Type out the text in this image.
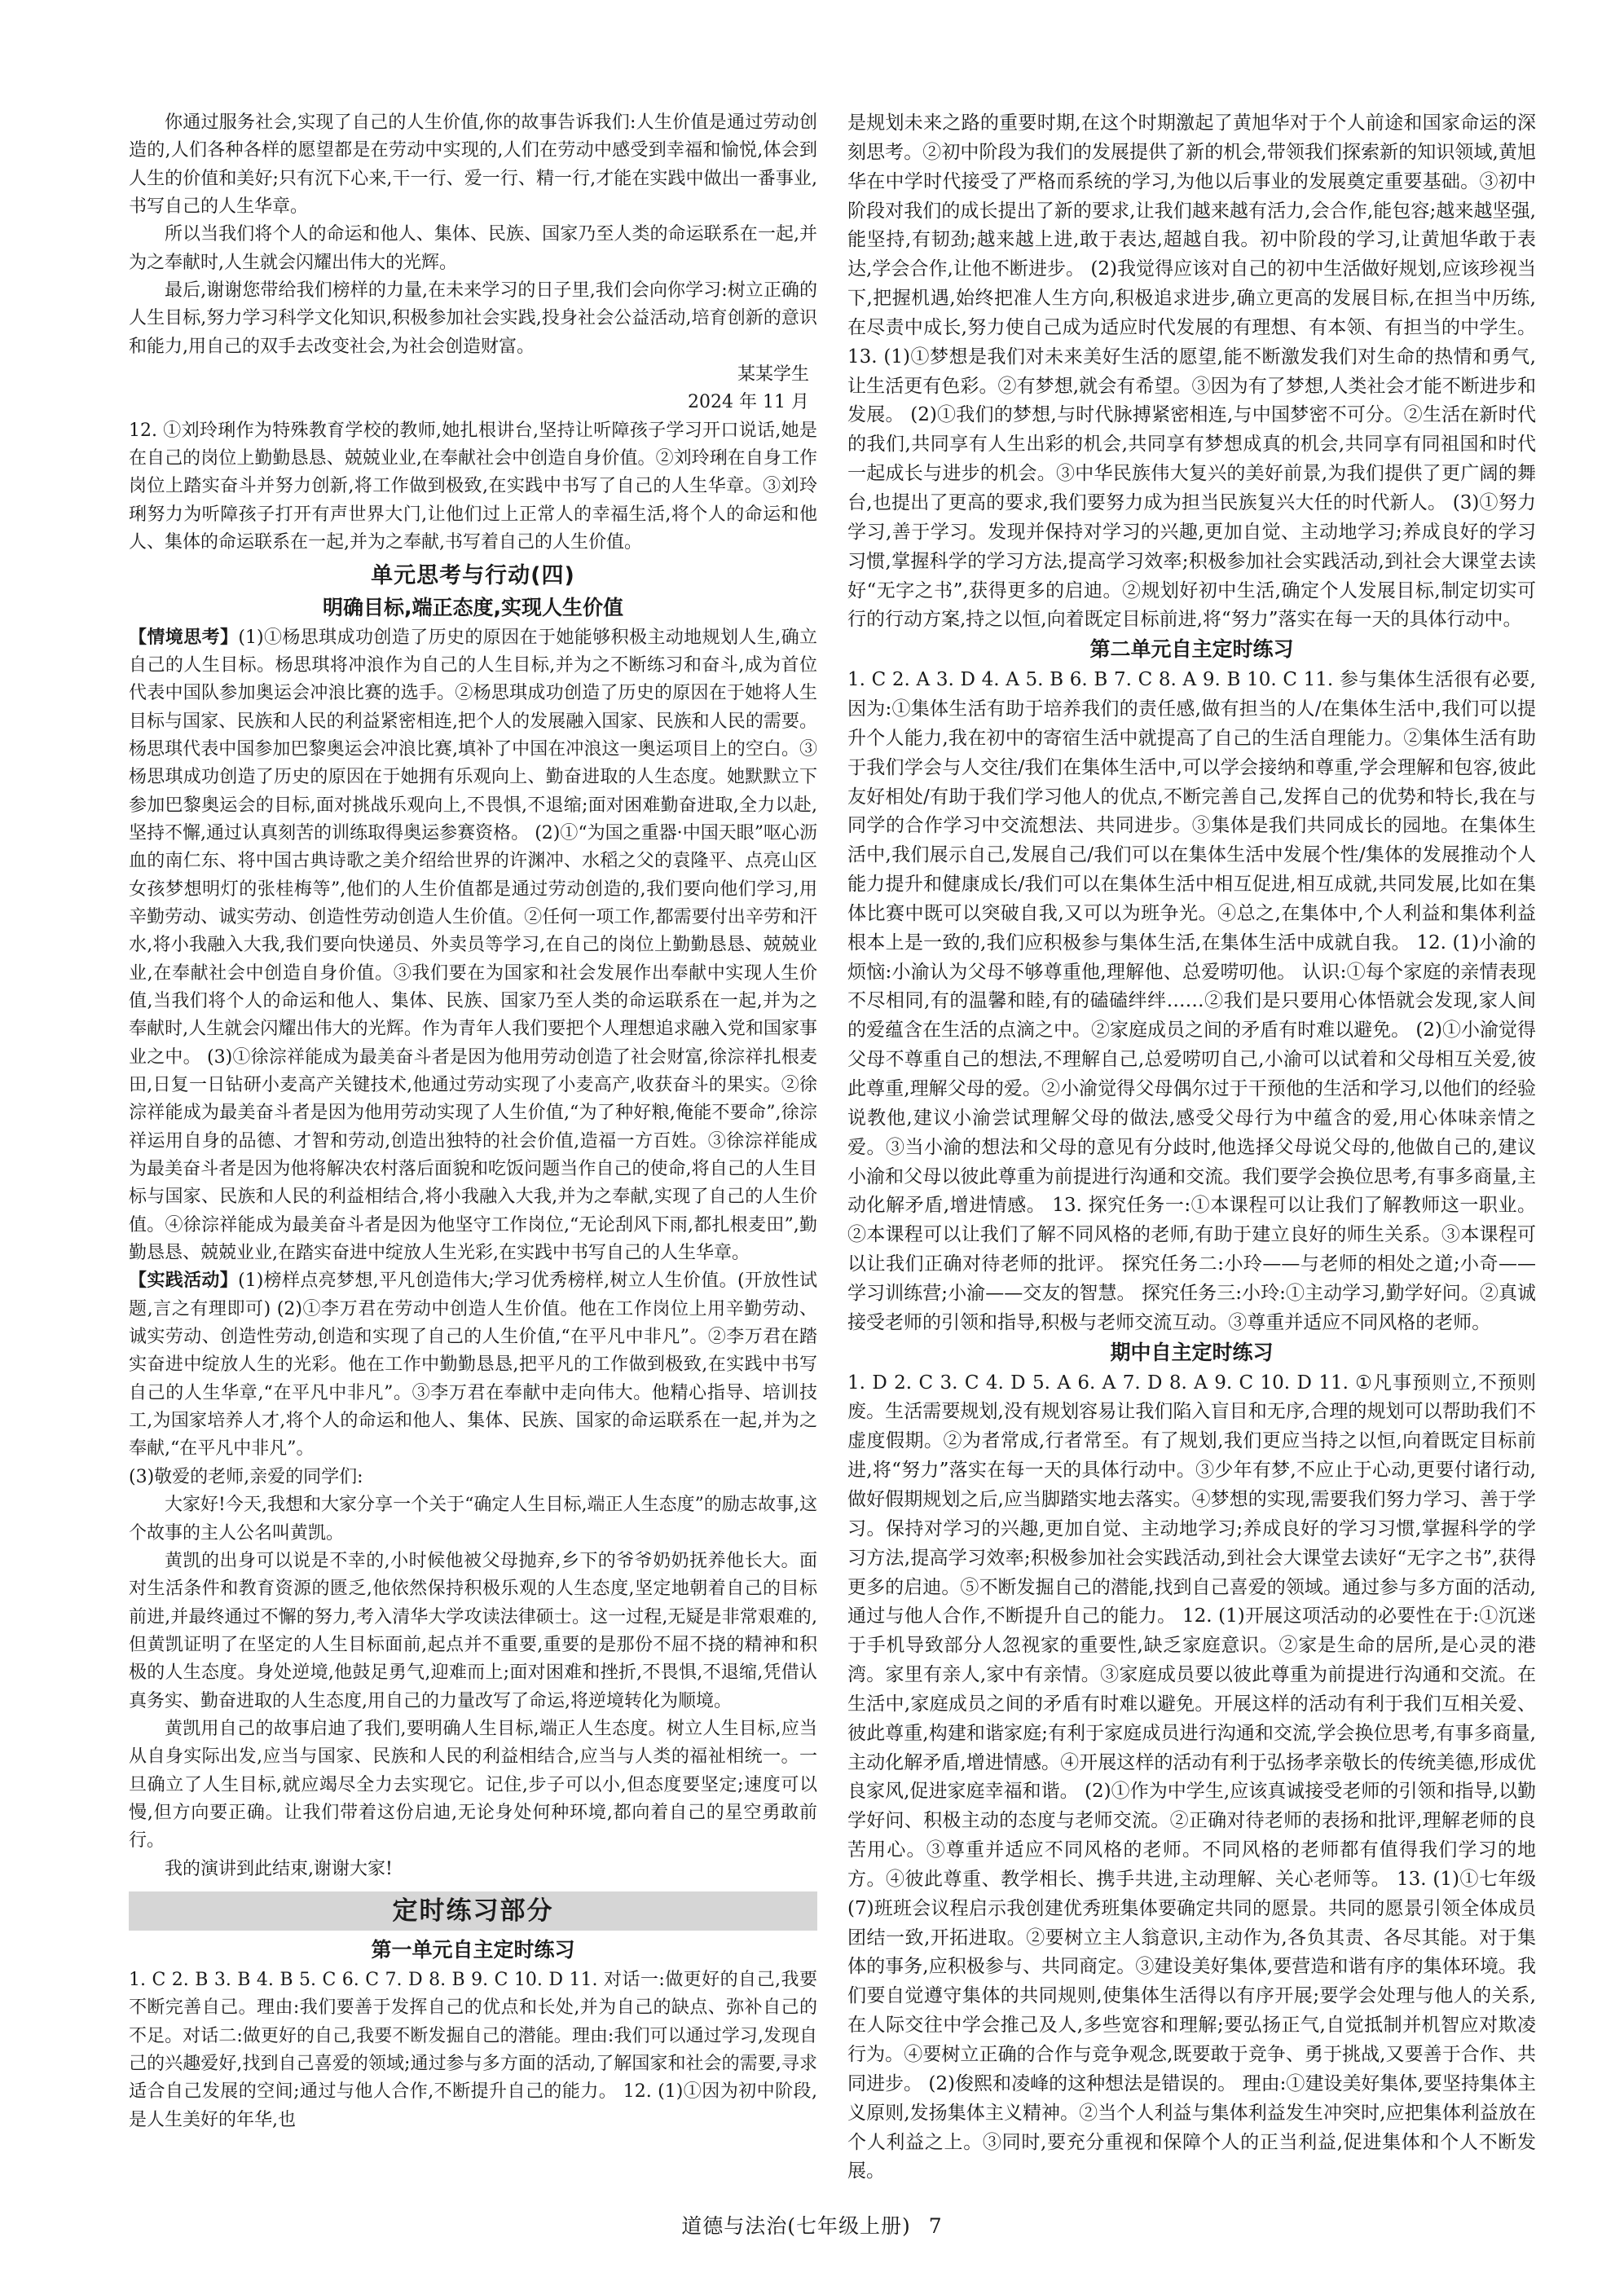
你通过服务社会,实现了自己的人生价值,你的故事告诉我们:人生价值是通过劳动创造的,人们各种各样的愿望都是在劳动中实现的,人们在劳动中感受到幸福和愉悦,体会到人生的价值和美好;只有沉下心来,干一行、爱一行、精一行,才能在实践中做出一番事业,书写自己的人生华章。

所以当我们将个人的命运和他人、集体、民族、国家乃至人类的命运联系在一起,并为之奉献时,人生就会闪耀出伟大的光辉。

最后,谢谢您带给我们榜样的力量,在未来学习的日子里,我们会向你学习:树立正确的人生目标,努力学习科学文化知识,积极参加社会实践,投身社会公益活动,培育创新的意识和能力,用自己的双手去改变社会,为社会创造财富。

某某学生

2024 年 11 月

12. ①刘玲琍作为特殊教育学校的教师,她扎根讲台,坚持让听障孩子学习开口说话,她是在自己的岗位上勤勤恳恳、兢兢业业,在奉献社会中创造自身价值。②刘玲琍在自身工作岗位上踏实奋斗并努力创新,将工作做到极致,在实践中书写了自己的人生华章。③刘玲琍努力为听障孩子打开有声世界大门,让他们过上正常人的幸福生活,将个人的命运和他人、集体的命运联系在一起,并为之奉献,书写着自己的人生价值。

单元思考与行动(四)
明确目标,端正态度,实现人生价值

【情境思考】(1)①杨思琪成功创造了历史的原因在于她能够积极主动地规划人生,确立自己的人生目标。杨思琪将冲浪作为自己的人生目标,并为之不断练习和奋斗,成为首位代表中国队参加奥运会冲浪比赛的选手。②杨思琪成功创造了历史的原因在于她将人生目标与国家、民族和人民的利益紧密相连,把个人的发展融入国家、民族和人民的需要。杨思琪代表中国参加巴黎奥运会冲浪比赛,填补了中国在冲浪这一奥运项目上的空白。③杨思琪成功创造了历史的原因在于她拥有乐观向上、勤奋进取的人生态度。她默默立下参加巴黎奥运会的目标,面对挑战乐观向上,不畏惧,不退缩;面对困难勤奋进取,全力以赴,坚持不懈,通过认真刻苦的训练取得奥运参赛资格。 (2)①“为国之重器·中国天眼”呕心沥血的南仁东、将中国古典诗歌之美介绍给世界的许渊冲、水稻之父的袁隆平、点亮山区女孩梦想明灯的张桂梅等”,他们的人生价值都是通过劳动创造的,我们要向他们学习,用辛勤劳动、诚实劳动、创造性劳动创造人生价值。②任何一项工作,都需要付出辛劳和汗水,将小我融入大我,我们要向快递员、外卖员等学习,在自己的岗位上勤勤恳恳、兢兢业业,在奉献社会中创造自身价值。③我们要在为国家和社会发展作出奉献中实现人生价值,当我们将个人的命运和他人、集体、民族、国家乃至人类的命运联系在一起,并为之奉献时,人生就会闪耀出伟大的光辉。作为青年人我们要把个人理想追求融入党和国家事业之中。 (3)①徐淙祥能成为最美奋斗者是因为他用劳动创造了社会财富,徐淙祥扎根麦田,日复一日钻研小麦高产关键技术,他通过劳动实现了小麦高产,收获奋斗的果实。②徐淙祥能成为最美奋斗者是因为他用劳动实现了人生价值,“为了种好粮,俺能不要命”,徐淙祥运用自身的品德、才智和劳动,创造出独特的社会价值,造福一方百姓。③徐淙祥能成为最美奋斗者是因为他将解决农村落后面貌和吃饭问题当作自己的使命,将自己的人生目标与国家、民族和人民的利益相结合,将小我融入大我,并为之奉献,实现了自己的人生价值。④徐淙祥能成为最美奋斗者是因为他坚守工作岗位,“无论刮风下雨,都扎根麦田”,勤勤恳恳、兢兢业业,在踏实奋进中绽放人生光彩,在实践中书写自己的人生华章。

【实践活动】(1)榜样点亮梦想,平凡创造伟大;学习优秀榜样,树立人生价值。(开放性试题,言之有理即可) (2)①李万君在劳动中创造人生价值。他在工作岗位上用辛勤劳动、诚实劳动、创造性劳动,创造和实现了自己的人生价值,“在平凡中非凡”。②李万君在踏实奋进中绽放人生的光彩。他在工作中勤勤恳恳,把平凡的工作做到极致,在实践中书写自己的人生华章,“在平凡中非凡”。③李万君在奉献中走向伟大。他精心指导、培训技工,为国家培养人才,将个人的命运和他人、集体、民族、国家的命运联系在一起,并为之奉献,“在平凡中非凡”。

(3)敬爱的老师,亲爱的同学们:

大家好!今天,我想和大家分享一个关于“确定人生目标,端正人生态度”的励志故事,这个故事的主人公名叫黄凯。

黄凯的出身可以说是不幸的,小时候他被父母抛弃,乡下的爷爷奶奶抚养他长大。面对生活条件和教育资源的匮乏,他依然保持积极乐观的人生态度,坚定地朝着自己的目标前进,并最终通过不懈的努力,考入清华大学攻读法律硕士。这一过程,无疑是非常艰难的,但黄凯证明了在坚定的人生目标面前,起点并不重要,重要的是那份不屈不挠的精神和积极的人生态度。身处逆境,他鼓足勇气,迎难而上;面对困难和挫折,不畏惧,不退缩,凭借认真务实、勤奋进取的人生态度,用自己的力量改写了命运,将逆境转化为顺境。

黄凯用自己的故事启迪了我们,要明确人生目标,端正人生态度。树立人生目标,应当从自身实际出发,应当与国家、民族和人民的利益相结合,应当与人类的福祉相统一。一旦确立了人生目标,就应竭尽全力去实现它。记住,步子可以小,但态度要坚定;速度可以慢,但方向要正确。让我们带着这份启迪,无论身处何种环境,都向着自己的星空勇敢前行。

我的演讲到此结束,谢谢大家!

定时练习部分
第一单元自主定时练习

1. C 2. B 3. B 4. B 5. C 6. C 7. D 8. B 9. C 10. D 11. 对话一:做更好的自己,我要不断完善自己。理由:我们要善于发挥自己的优点和长处,并为自己的缺点、弥补自己的不足。对话二:做更好的自己,我要不断发掘自己的潜能。理由:我们可以通过学习,发现自己的兴趣爱好,找到自己喜爱的领域;通过参与多方面的活动,了解国家和社会的需要,寻求适合自己发展的空间;通过与他人合作,不断提升自己的能力。 12. (1)①因为初中阶段,是人生美好的年华,也

是规划未来之路的重要时期,在这个时期激起了黄旭华对于个人前途和国家命运的深刻思考。②初中阶段为我们的发展提供了新的机会,带领我们探索新的知识领域,黄旭华在中学时代接受了严格而系统的学习,为他以后事业的发展奠定重要基础。③初中阶段对我们的成长提出了新的要求,让我们越来越有活力,会合作,能包容;越来越坚强,能坚持,有韧劲;越来越上进,敢于表达,超越自我。初中阶段的学习,让黄旭华敢于表达,学会合作,让他不断进步。 (2)我觉得应该对自己的初中生活做好规划,应该珍视当下,把握机遇,始终把准人生方向,积极追求进步,确立更高的发展目标,在担当中历练,在尽责中成长,努力使自己成为适应时代发展的有理想、有本领、有担当的中学生。 13. (1)①梦想是我们对未来美好生活的愿望,能不断激发我们对生命的热情和勇气,让生活更有色彩。②有梦想,就会有希望。③因为有了梦想,人类社会才能不断进步和发展。 (2)①我们的梦想,与时代脉搏紧密相连,与中国梦密不可分。②生活在新时代的我们,共同享有人生出彩的机会,共同享有梦想成真的机会,共同享有同祖国和时代一起成长与进步的机会。③中华民族伟大复兴的美好前景,为我们提供了更广阔的舞台,也提出了更高的要求,我们要努力成为担当民族复兴大任的时代新人。 (3)①努力学习,善于学习。发现并保持对学习的兴趣,更加自觉、主动地学习;养成良好的学习习惯,掌握科学的学习方法,提高学习效率;积极参加社会实践活动,到社会大课堂去读好“无字之书”,获得更多的启迪。②规划好初中生活,确定个人发展目标,制定切实可行的行动方案,持之以恒,向着既定目标前进,将“努力”落实在每一天的具体行动中。

第二单元自主定时练习

1. C 2. A 3. D 4. A 5. B 6. B 7. C 8. A 9. B 10. C 11. 参与集体生活很有必要,因为:①集体生活有助于培养我们的责任感,做有担当的人/在集体生活中,我们可以提升个人能力,我在初中的寄宿生活中就提高了自己的生活自理能力。②集体生活有助于我们学会与人交往/我们在集体生活中,可以学会接纳和尊重,学会理解和包容,彼此友好相处/有助于我们学习他人的优点,不断完善自己,发挥自己的优势和特长,我在与同学的合作学习中交流想法、共同进步。③集体是我们共同成长的园地。在集体生活中,我们展示自己,发展自己/我们可以在集体生活中发展个性/集体的发展推动个人能力提升和健康成长/我们可以在集体生活中相互促进,相互成就,共同发展,比如在集体比赛中既可以突破自我,又可以为班争光。④总之,在集体中,个人利益和集体利益根本上是一致的,我们应积极参与集体生活,在集体生活中成就自我。 12. (1)小渝的烦恼:小渝认为父母不够尊重他,理解他、总爱唠叨他。 认识:①每个家庭的亲情表现不尽相同,有的温馨和睦,有的磕磕绊绊……②我们是只要用心体悟就会发现,家人间的爱蕴含在生活的点滴之中。②家庭成员之间的矛盾有时难以避免。 (2)①小渝觉得父母不尊重自己的想法,不理解自己,总爱唠叨自己,小渝可以试着和父母相互关爱,彼此尊重,理解父母的爱。②小渝觉得父母偶尔过于干预他的生活和学习,以他们的经验说教他,建议小渝尝试理解父母的做法,感受父母行为中蕴含的爱,用心体味亲情之爱。③当小渝的想法和父母的意见有分歧时,他选择父母说父母的,他做自己的,建议小渝和父母以彼此尊重为前提进行沟通和交流。我们要学会换位思考,有事多商量,主动化解矛盾,增进情感。 13. 探究任务一:①本课程可以让我们了解教师这一职业。②本课程可以让我们了解不同风格的老师,有助于建立良好的师生关系。③本课程可以让我们正确对待老师的批评。 探究任务二:小玲——与老师的相处之道;小奇——学习训练营;小渝——交友的智慧。 探究任务三:小玲:①主动学习,勤学好问。②真诚接受老师的引领和指导,积极与老师交流互动。③尊重并适应不同风格的老师。

期中自主定时练习

1. D 2. C 3. C 4. D 5. A 6. A 7. D 8. A 9. C 10. D 11. ①凡事预则立,不预则废。生活需要规划,没有规划容易让我们陷入盲目和无序,合理的规划可以帮助我们不虚度假期。②为者常成,行者常至。有了规划,我们更应当持之以恒,向着既定目标前进,将“努力”落实在每一天的具体行动中。③少年有梦,不应止于心动,更要付诸行动,做好假期规划之后,应当脚踏实地去落实。④梦想的实现,需要我们努力学习、善于学习。保持对学习的兴趣,更加自觉、主动地学习;养成良好的学习习惯,掌握科学的学习方法,提高学习效率;积极参加社会实践活动,到社会大课堂去读好“无字之书”,获得更多的启迪。⑤不断发掘自己的潜能,找到自己喜爱的领域。通过参与多方面的活动,通过与他人合作,不断提升自己的能力。 12. (1)开展这项活动的必要性在于:①沉迷于手机导致部分人忽视家的重要性,缺乏家庭意识。②家是生命的居所,是心灵的港湾。家里有亲人,家中有亲情。③家庭成员要以彼此尊重为前提进行沟通和交流。在生活中,家庭成员之间的矛盾有时难以避免。开展这样的活动有利于我们互相关爱、彼此尊重,构建和谐家庭;有利于家庭成员进行沟通和交流,学会换位思考,有事多商量,主动化解矛盾,增进情感。④开展这样的活动有利于弘扬孝亲敬长的传统美德,形成优良家风,促进家庭幸福和谐。 (2)①作为中学生,应该真诚接受老师的引领和指导,以勤学好问、积极主动的态度与老师交流。②正确对待老师的表扬和批评,理解老师的良苦用心。③尊重并适应不同风格的老师。不同风格的老师都有值得我们学习的地方。④彼此尊重、教学相长、携手共进,主动理解、关心老师等。 13. (1)①七年级(7)班班会议程启示我创建优秀班集体要确定共同的愿景。共同的愿景引领全体成员团结一致,开拓进取。②要树立主人翁意识,主动作为,各负其责、各尽其能。对于集体的事务,应积极参与、共同商定。③建设美好集体,要营造和谐有序的集体环境。我们要自觉遵守集体的共同规则,使集体生活得以有序开展;要学会处理与他人的关系,在人际交往中学会推己及人,多些宽容和理解;要弘扬正气,自觉抵制并机智应对欺凌行为。④要树立正确的合作与竞争观念,既要敢于竞争、勇于挑战,又要善于合作、共同进步。 (2)俊熙和凌峰的这种想法是错误的。 理由:①建设美好集体,要坚持集体主义原则,发扬集体主义精神。②当个人利益与集体利益发生冲突时,应把集体利益放在个人利益之上。③同时,要充分重视和保障个人的正当利益,促进集体和个人不断发展。

道德与法治(七年级上册) 7
